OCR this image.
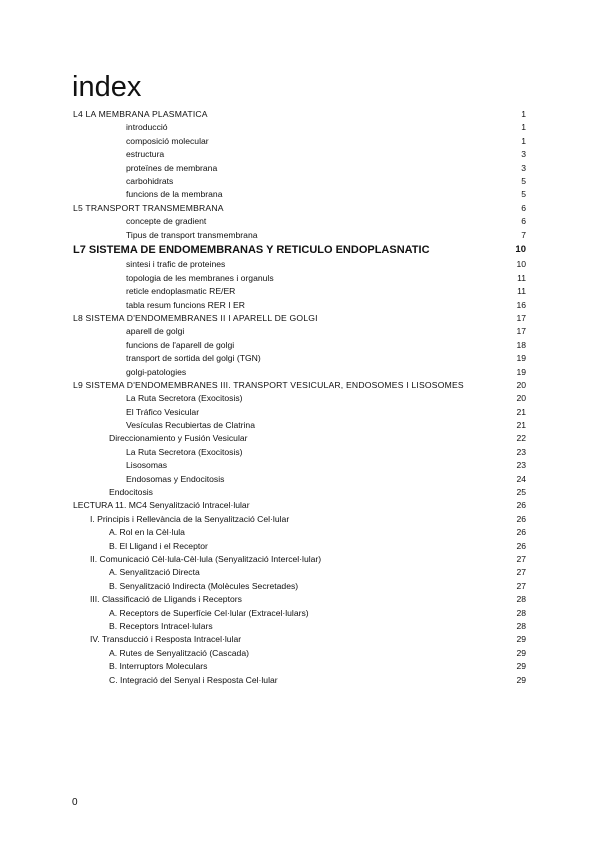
index
L4 LA MEMBRANA PLASMATICA	1
introducció	1
composició molecular	1
estructura	3
proteïnes de membrana	3
carbohidrats	5
funcions de la membrana	5
L5 TRANSPORT TRANSMEMBRANA	6
concepte de gradient	6
Tipus de transport transmembrana	7
L7 SISTEMA DE ENDOMEMBRANAS Y RETICULO ENDOPLASNATIC	10
sintesi i trafic de proteines	10
topologia de les membranes i organuls	11
reticle endoplasmatic RE/ER	11
tabla resum funcions RER I ER	16
L8 SISTEMA D'ENDOMEMBRANES II I APARELL DE GOLGI	17
aparell de golgi	17
funcions de l'aparell de golgi	18
transport de sortida del golgi (TGN)	19
golgi-patologies	19
L9 SISTEMA D'ENDOMEMBRANES III. TRANSPORT VESICULAR, ENDOSOMES I LISOSOMES	20
La Ruta Secretora (Exocitosis)	20
El Tráfico Vesicular	21
Vesículas Recubiertas de Clatrina	21
Direccionamiento y Fusión Vesicular	22
La Ruta Secretora (Exocitosis)	23
Lisosomas	23
Endosomas y Endocitosis	24
Endocitosis	25
LECTURA 11. MC4 Senyalització Intracel·lular	26
I. Principis i Rellevància de la Senyalització Cel·lular	26
A. Rol en la Cèl·lula	26
B. El Lligand i el Receptor	26
II. Comunicació Cèl·lula-Cèl·lula (Senyalització Intercel·lular)	27
A. Senyalització Directa	27
B. Senyalització Indirecta (Molècules Secretades)	27
III. Classificació de Lligands i Receptors	28
A. Receptors de Superfície Cel·lular (Extracel·lulars)	28
B. Receptors Intracel·lulars	28
IV. Transducció i Resposta Intracel·lular	29
A. Rutes de Senyalització (Cascada)	29
B. Interruptors Moleculars	29
C. Integració del Senyal i Resposta Cel·lular	29
0
